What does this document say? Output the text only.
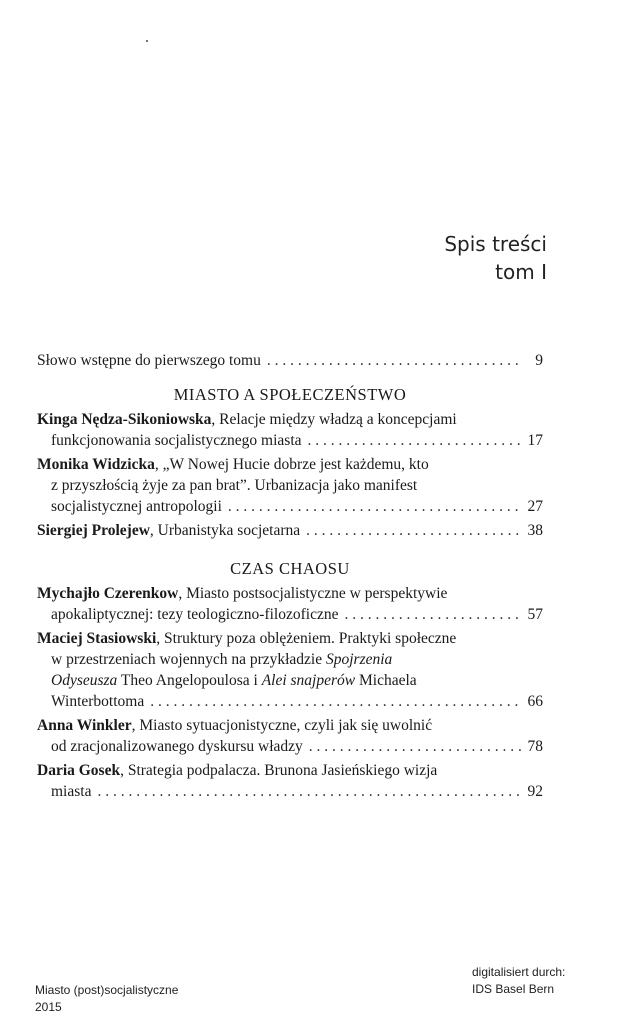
Spis treści
tom I
Słowo wstępne do pierwszego tomu . . .	9
MIASTO A SPOŁECZEŃSTWO
Kinga Nędza-Sikoniowska, Relacje między władzą a koncepcjami
funkcjonowania socjalistycznego miasta . . .	17
Monika Widzicka, „W Nowej Hucie dobrze jest każdemu, kto
z przyszłością żyje za pan brat”. Urbanizacja jako manifest
socjalistycznej antropologii . . .	27
Siergiej Prolejew, Urbanistyka socjetarna . . .	38
CZAS CHAOSU
Mychajło Czerenkow, Miasto postsocjalistyczne w perspektywie
apokaliptycznej: tezy teologiczno-filozoficzne . . .	57
Maciej Stasiowski, Struktury poza oblężeniem. Praktyki społeczne
w przestrzeniach wojennych na przykładzie Spojrzenia
Odyseusza Theo Angelopoulosa i Alei snajperów Michaela
Winterbottoma . . .	66
Anna Winkler, Miasto sytuacjonistyczne, czyli jak się uwolnić
od zracjonalizowanego dyskursu władzy . . .	78
Daria Gosek, Strategia podpalacza. Brunona Jasieńskiego wizja
miasta . . .	92
Miasto (post)socjalistyczne
2015
digitalisiert durch:
IDS Basel Bern
